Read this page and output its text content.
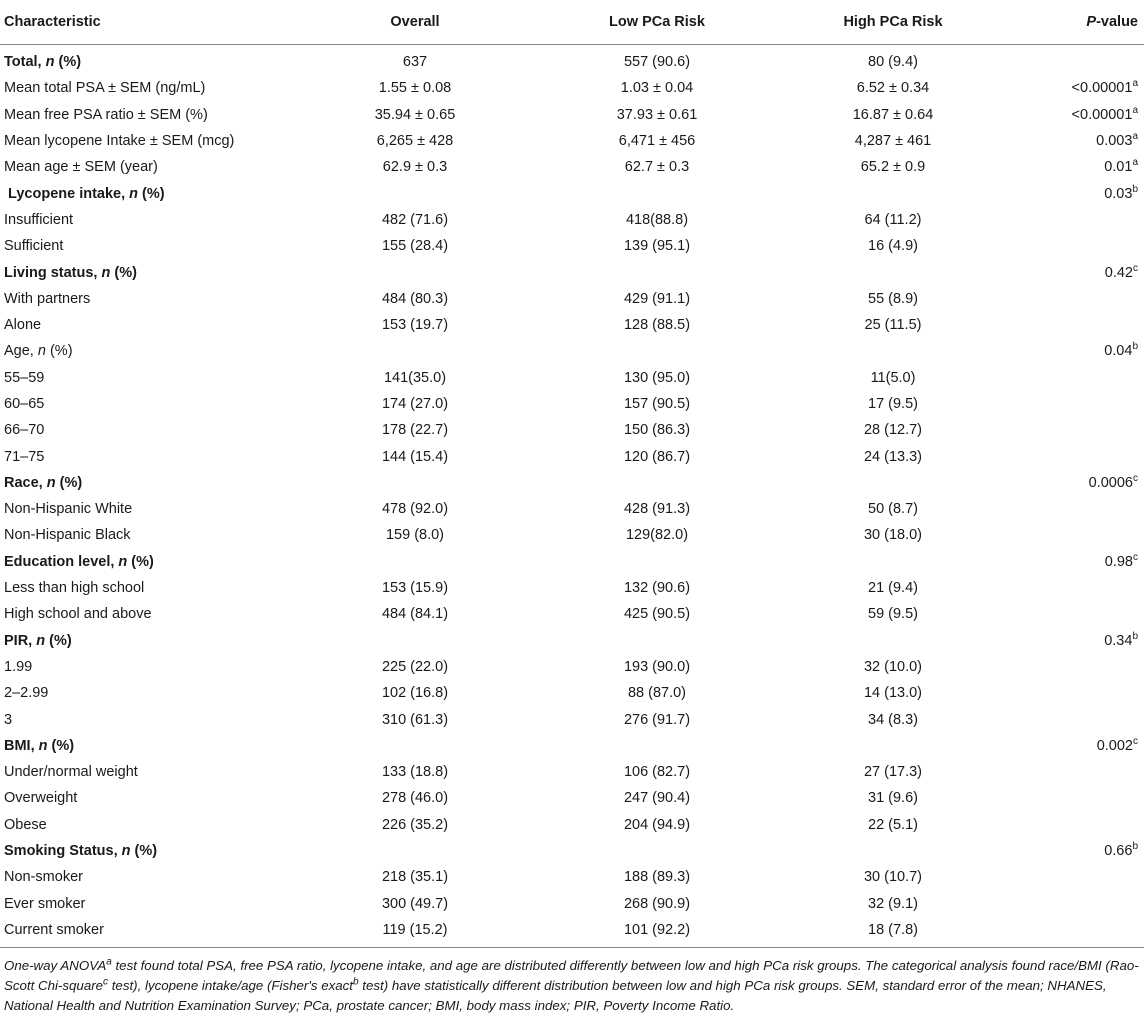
Characteristic	Overall	Low PCa Risk	High PCa Risk	P-value
Total, n (%)	637	557 (90.6)	80 (9.4)	
Mean total PSA ± SEM (ng/mL)	1.55 ± 0.08	1.03 ± 0.04	6.52 ± 0.34	<0.00001$^a$
Mean free PSA ratio ± SEM (%)	35.94 ± 0.65	37.93 ± 0.61	16.87 ± 0.64	<0.00001$^a$
Mean lycopene Intake ± SEM (mcg)	6,265 ± 428	6,471 ± 456	4,287 ± 461	0.003$^a$
Mean age ± SEM (year)	62.9 ± 0.3	62.7 ± 0.3	65.2 ± 0.9	0.01$^a$
Lycopene intake, n (%)				0.03$^b$
Insufficient	482 (71.6)	418(88.8)	64 (11.2)	
Sufficient	155 (28.4)	139 (95.1)	16 (4.9)	
Living status, n (%)				0.42$^c$
With partners	484 (80.3)	429 (91.1)	55 (8.9)	
Alone	153 (19.7)	128 (88.5)	25 (11.5)	
Age, n (%)				0.04$^b$
55–59	141(35.0)	130 (95.0)	11(5.0)	
60–65	174 (27.0)	157 (90.5)	17 (9.5)	
66–70	178 (22.7)	150 (86.3)	28 (12.7)	
71–75	144 (15.4)	120 (86.7)	24 (13.3)	
Race, n (%)				0.0006$^c$
Non-Hispanic White	478 (92.0)	428 (91.3)	50 (8.7)	
Non-Hispanic Black	159 (8.0)	129(82.0)	30 (18.0)	
Education level, n (%)				0.98$^c$
Less than high school	153 (15.9)	132 (90.6)	21 (9.4)	
High school and above	484 (84.1)	425 (90.5)	59 (9.5)	
PIR, n (%)				0.34$^b$
1.99	225 (22.0)	193 (90.0)	32 (10.0)	
2–2.99	102 (16.8)	88 (87.0)	14 (13.0)	
3	310 (61.3)	276 (91.7)	34 (8.3)	
BMI, n (%)				0.002$^c$
Under/normal weight	133 (18.8)	106 (82.7)	27 (17.3)	
Overweight	278 (46.0)	247 (90.4)	31 (9.6)	
Obese	226 (35.2)	204 (94.9)	22 (5.1)	
Smoking Status, n (%)				0.66$^b$
Non-smoker	218 (35.1)	188 (89.3)	30 (10.7)	
Ever smoker	300 (49.7)	268 (90.9)	32 (9.1)	
Current smoker	119 (15.2)	101 (92.2)	18 (7.8)	

One-way ANOVA$^a$ test found total PSA, free PSA ratio, lycopene intake, and age are distributed differently between low and high PCa risk groups. The categorical analysis found race/BMI (Rao-Scott Chi-square$^c$ test), lycopene intake/age (Fisher's exact$^b$ test) have statistically different distribution between low and high PCa risk groups. SEM, standard error of the mean; NHANES, National Health and Nutrition Examination Survey; PCa, prostate cancer; BMI, body mass index; PIR, Poverty Income Ratio.
